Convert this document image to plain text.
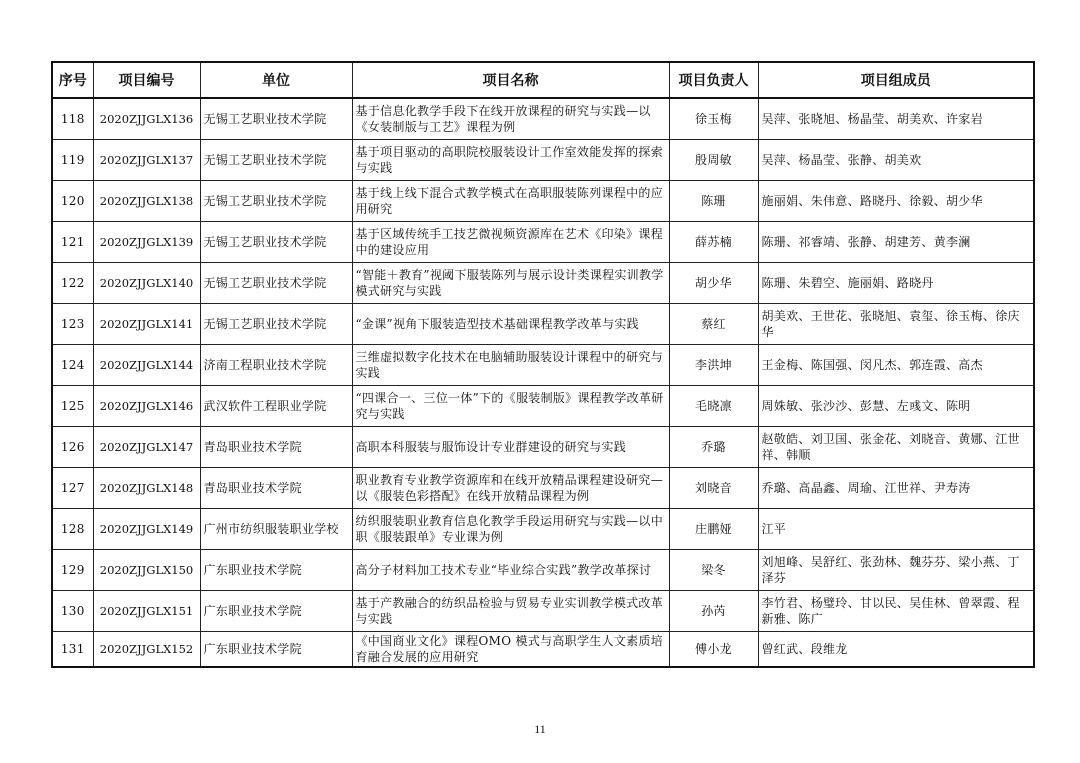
序号	项目编号	单位	项目名称	项目负责人	项目组成员
118	2020ZJJGLX136	无锡工艺职业技术学院	基于信息化教学手段下在线开放课程的研究与实践—以《女装制版与工艺》课程为例	徐玉梅	吴萍、张晓旭、杨晶莹、胡美欢、许家岩
119	2020ZJJGLX137	无锡工艺职业技术学院	基于项目驱动的高职院校服装设计工作室效能发挥的探索与实践	殷周敏	吴萍、杨晶莹、张静、胡美欢
120	2020ZJJGLX138	无锡工艺职业技术学院	基于线上线下混合式教学模式在高职服装陈列课程中的应用研究	陈珊	施丽娟、朱伟意、路晓丹、徐毅、胡少华
121	2020ZJJGLX139	无锡工艺职业技术学院	基于区域传统手工技艺微视频资源库在艺术《印染》课程中的建设应用	薛苏楠	陈珊、祁睿靖、张静、胡建芳、黄李澜
122	2020ZJJGLX140	无锡工艺职业技术学院	“智能＋教育”视阈下服装陈列与展示设计类课程实训教学模式研究与实践	胡少华	陈珊、朱碧空、施丽娟、路晓丹
123	2020ZJJGLX141	无锡工艺职业技术学院	“金课”视角下服装造型技术基础课程教学改革与实践	蔡红	胡美欢、王世花、张晓旭、袁玺、徐玉梅、徐庆华
124	2020ZJJGLX144	济南工程职业技术学院	三维虚拟数字化技术在电脑辅助服装设计课程中的研究与实践	李洪坤	王金梅、陈国强、闵凡杰、郭连霞、高杰
125	2020ZJJGLX146	武汉软件工程职业学院	“四课合一、三位一体”下的《服装制版》课程教学改革研究与实践	毛晓凛	周姝敏、张沙沙、彭慧、左彧文、陈明
126	2020ZJJGLX147	青岛职业技术学院	高职本科服装与服饰设计专业群建设的研究与实践	乔璐	赵敬皓、刘卫国、张金花、刘晓音、黄娜、江世祥、韩顺
127	2020ZJJGLX148	青岛职业技术学院	职业教育专业教学资源库和在线开放精品课程建设研究—以《服装色彩搭配》在线开放精品课程为例	刘晓音	乔璐、高晶鑫、周瑜、江世祥、尹寿涛
128	2020ZJJGLX149	广州市纺织服装职业学校	纺织服装职业教育信息化教学手段运用研究与实践—以中职《服装跟单》专业课为例	庄鹏娅	江平
129	2020ZJJGLX150	广东职业技术学院	高分子材料加工技术专业“毕业综合实践”教学改革探讨	梁冬	刘旭峰、吴舒红、张劲林、魏芬芬、梁小燕、丁泽芬
130	2020ZJJGLX151	广东职业技术学院	基于产教融合的纺织品检验与贸易专业实训教学模式改革与实践	孙芮	李竹君、杨璧玲、甘以民、吴佳林、曾翠霞、程新雅、陈广
131	2020ZJJGLX152	广东职业技术学院	《中国商业文化》课程OMO 模式与高职学生人文素质培育融合发展的应用研究	傅小龙	曾红武、段维龙
11
